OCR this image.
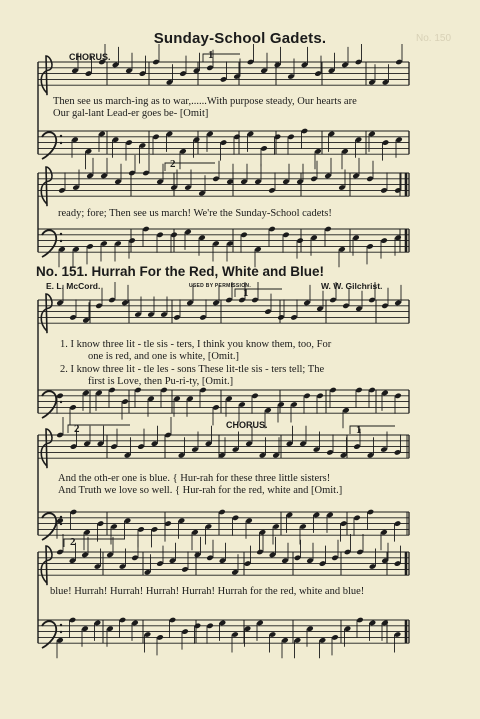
No. 150
Sunday-School Gadets.
CHORUS.	1
2
Then see us march-ing as to war,......With purpose steady, Our hearts are
Our gal-lant Lead-er goes be- [Omit]
ready; fore; Then see us march! We're the Sunday-School cadets!
No. 151. Hurrah For the Red, White and Blue!
E. L. McCord.	USED BY PERMISSION.	W. W. Gilchrist.
1
1. I know three lit - tle sis - ters, I think you know them, too, For
one is red, and one is white, [Omit.]
2. I know three lit - tle les - sons These lit-tle sis - ters tell; The
first is Love, then Pu-ri-ty, [Omit.]
2	CHORUS.	1
And the oth-er one is blue. { Hur-rah for these three little sisters!
And Truth we love so well. { Hur-rah for the red, white and [Omit.]
2
blue! Hurrah! Hurrah! Hurrah! Hurrah! Hurrah for the red, white and blue!
